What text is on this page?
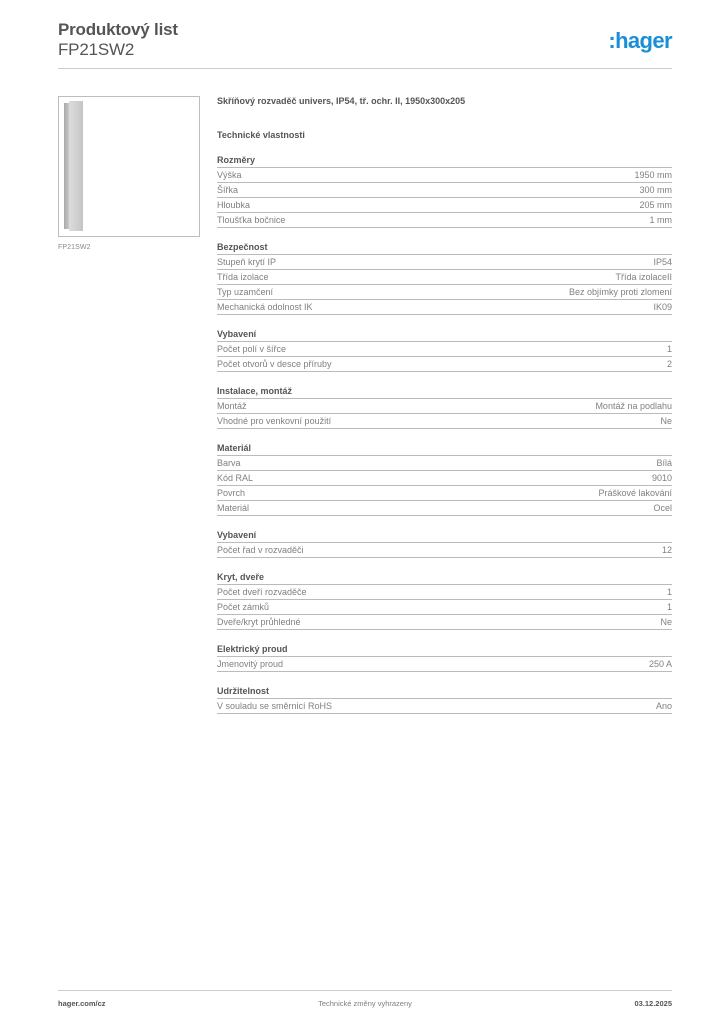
Produktový list
FP21SW2	:hager
FP21SW2
Skříňový rozvaděč univers, IP54, tř. ochr. II, 1950x300x205
Technické vlastnosti
Rozměry
Výška	1950 mm
Šířka	300 mm
Hloubka	205 mm
Tloušťka bočnice	1 mm
Bezpečnost
Stupeň krytí IP	IP54
Třída izolace	Třída izolaceII
Typ uzamčení	Bez objímky proti zlomení
Mechanická odolnost IK	IK09
Vybavení
Počet polí v šířce	1
Počet otvorů v desce příruby	2
Instalace, montáž
Montáž	Montáž na podlahu
Vhodné pro venkovní použití	Ne
Materiál
Barva	Bílá
Kód RAL	9010
Povrch	Práškové lakování
Materiál	Ocel
Vybavení
Počet řad v rozvaděči	12
Kryt, dveře
Počet dveří rozvaděče	1
Počet zámků	1
Dveře/kryt průhledné	Ne
Elektrický proud
Jmenovitý proud	250 A
Udržitelnost
V souladu se směrnicí RoHS	Ano
Technické změny vyhrazeny
hager.com/cz	03.12.2025
